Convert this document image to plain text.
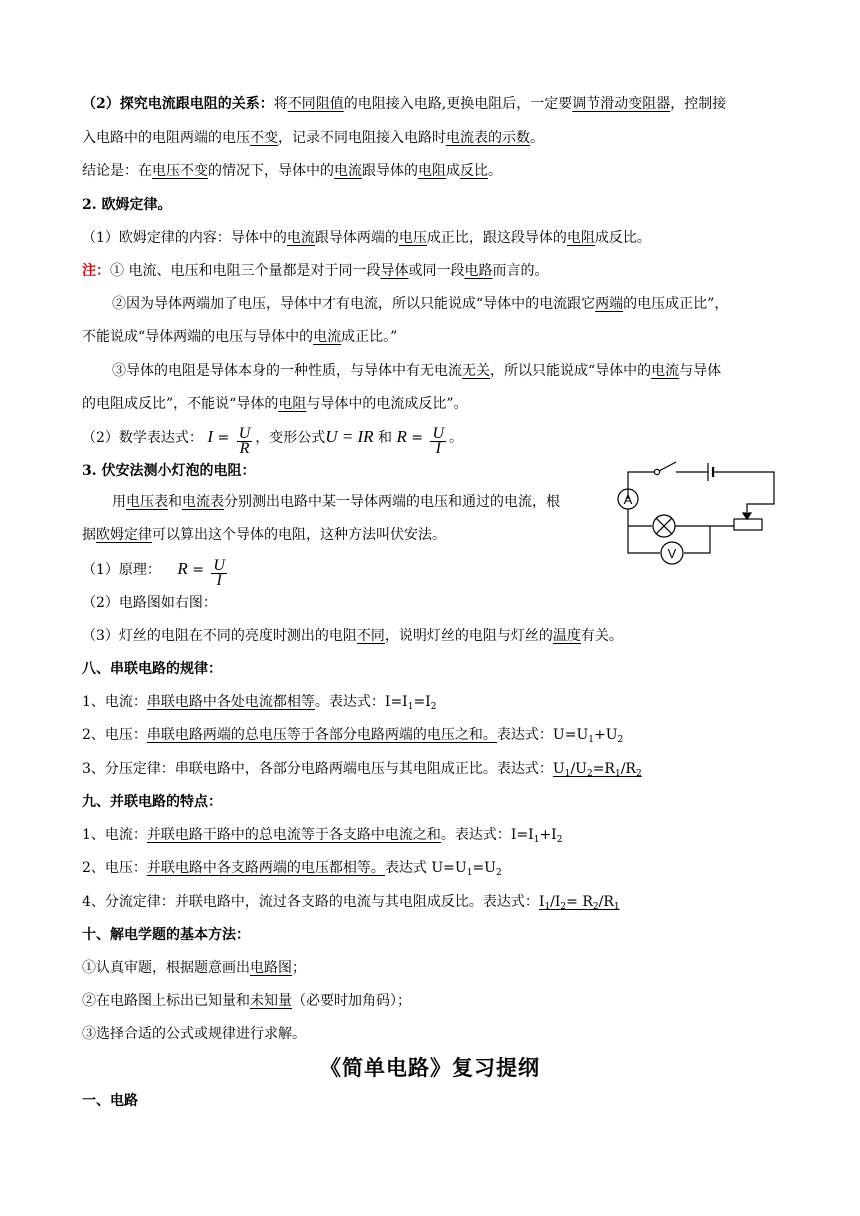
（2）探究电流跟电阻的关系：将不同阻值的电阻接入电路,更换电阻后，一定要调节滑动变阻器，控制接
入电路中的电阻两端的电压不变，记录不同电阻接入电路时电流表的示数。
结论是：在电压不变的情况下，导体中的电流跟导体的电阻成反比。
2. 欧姆定律。
（1）欧姆定律的内容：导体中的电流跟导体两端的电压成正比，跟这段导体的电阻成反比。
注：① 电流、电压和电阻三个量都是对于同一段导体或同一段电路而言的。
②因为导体两端加了电压，导体中才有电流，所以只能说成“导体中的电流跟它两端的电压成正比”，
不能说成“导体两端的电压与导体中的电流成正比。”
③导体的电阻是导体本身的一种性质，与导体中有无电流无关，所以只能说成“导体中的电流与导体
的电阻成反比”，不能说“导体的电阻与导体中的电流成反比”。
（2）数学表达式： $I = \frac{U}{R}$ ，变形公式U = IR 和 $R = \frac{U}{I}$ 。
3. 伏安法测小灯泡的电阻：
用电压表和电流表分别测出电路中某一导体两端的电压和通过的电流，根
据欧姆定律可以算出这个导体的电阻，这种方法叫伏安法。
（1）原理： $R = \frac{U}{I}$
（2）电路图如右图：
（3）灯丝的电阻在不同的亮度时测出的电阻不同，说明灯丝的电阻与灯丝的温度有关。
A
V
八、串联电路的规律：
1、电流：串联电路中各处电流都相等。表达式：$I=I_1=I_2$
2、电压：串联电路两端的总电压等于各部分电路两端的电压之和。表达式：$U=U_1+U_2$
3、分压定律：串联电路中，各部分电路两端电压与其电阻成正比。表达式：$U_1/U_2=R_1/R_2$
九、并联电路的特点：
1、电流：并联电路干路中的总电流等于各支路中电流之和。表达式：$I=I_1+I_2$
2、电压：并联电路中各支路两端的电压都相等。表达式 $U=U_1=U_2$
4、分流定律：并联电路中，流过各支路的电流与其电阻成反比。表达式：$I_1/I_2= R_2/R_1$
十、解电学题的基本方法：
①认真审题，根据题意画出电路图；
②在电路图上标出已知量和未知量（必要时加角码）；
③选择合适的公式或规律进行求解。
《简单电路》复习提纲
一、电路
